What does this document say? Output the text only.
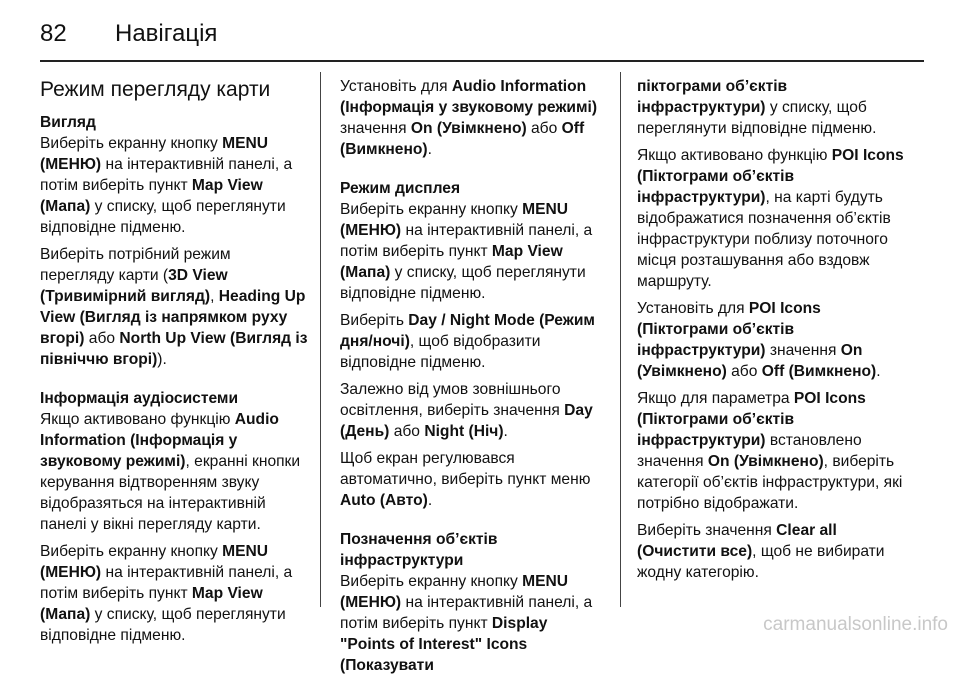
82	Навігація
Режим перегляду карти
Вигляд

Виберіть екранну кнопку MENU (МЕНЮ) на інтерактивній панелі, а потім виберіть пункт Map View (Мапа) у списку, щоб переглянути відповідне підменю.

Виберіть потрібний режим перегляду карти (3D View (Тривимірний вигляд), Heading Up View (Вигляд із напрямком руху вгорі) або North Up View (Вигляд із північчю вгорі)).

Інформація аудіосистеми

Якщо активовано функцію Audio Information (Інформація у звуковому режимі), екранні кнопки керування відтворенням звуку відобразяться на інтерактивній панелі у вікні перегляду карти.

Виберіть екранну кнопку MENU (МЕНЮ) на інтерактивній панелі, а потім виберіть пункт Map View (Мапа) у списку, щоб переглянути відповідне підменю.

Установіть для Audio Information (Інформація у звуковому режимі) значення On (Увімкнено) або Off (Вимкнено).

Режим дисплея

Виберіть екранну кнопку MENU (МЕНЮ) на інтерактивній панелі, а потім виберіть пункт Map View (Мапа) у списку, щоб переглянути відповідне підменю.

Виберіть Day / Night Mode (Режим дня/ночі), щоб відобразити відповідне підменю.

Залежно від умов зовнішнього освітлення, виберіть значення Day (День) або Night (Ніч).

Щоб екран регулювався автоматично, виберіть пункт меню Auto (Авто).

Позначення об’єктів інфраструктури

Виберіть екранну кнопку MENU (МЕНЮ) на інтерактивній панелі, а потім виберіть пункт Display "Points of Interest" Icons (Показувати

піктограми об’єктів інфраструктури) у списку, щоб переглянути відповідне підменю.

Якщо активовано функцію POI Icons (Піктограми об’єктів інфраструктури), на карті будуть відображатися позначення об’єктів інфраструктури поблизу поточного місця розташування або вздовж маршруту.

Установіть для POI Icons (Піктограми об’єктів інфраструктури) значення On (Увімкнено) або Off (Вимкнено).

Якщо для параметра POI Icons (Піктограми об’єктів інфраструктури) встановлено значення On (Увімкнено), виберіть категорії об’єктів інфраструктури, які потрібно відображати.

Виберіть значення Clear all (Очистити все), щоб не вибирати жодну категорію.

carmanualsonline.info
